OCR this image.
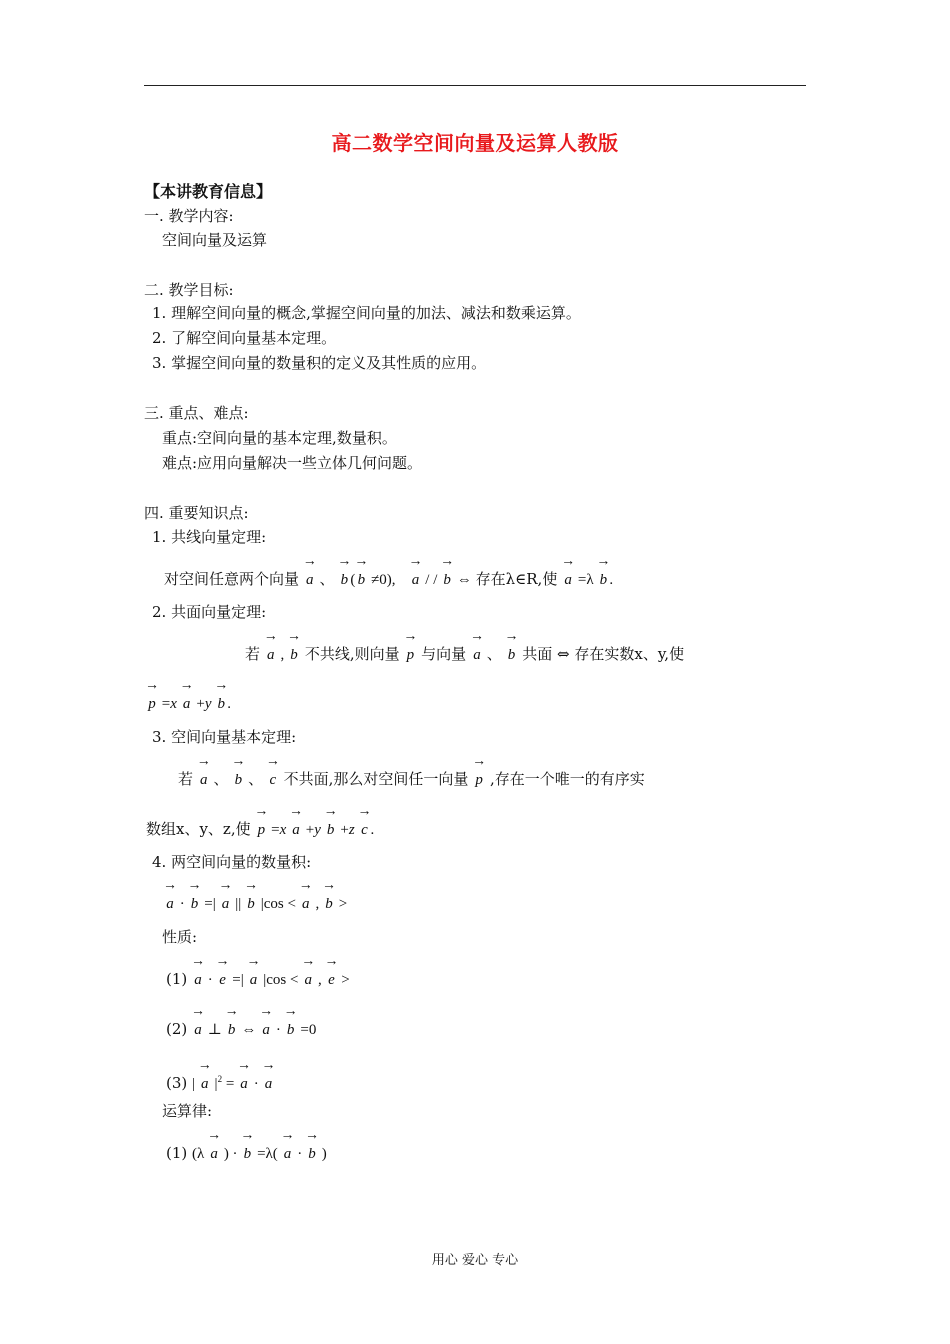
高二数学空间向量及运算人教版
【本讲教育信息】
一. 教学内容:
空间向量及运算
二. 教学目标:
1. 理解空间向量的概念,掌握空间向量的加法、减法和数乘运算。
2. 了解空间向量基本定理。
3. 掌握空间向量的数量积的定义及其性质的应用。
三. 重点、难点:
重点:空间向量的基本定理,数量积。
难点:应用向量解决一些立体几何问题。
四. 重要知识点:
1. 共线向量定理:
对空间任意两个向量 → a 、 → b ( → b ≠0), → a / / → b ⇔ 存在λ∈R,使 → a =λ → b .
2. 共面向量定理:
若 → a , → b 不共线,则向量 → p 与向量 → a 、 → b 共面 ⇔ 存在实数x、y,使
→ p =x → a +y → b .
3. 空间向量基本定理:
若 → a 、 → b 、 → c 不共面,那么对空间任一向量 → p ,存在一个唯一的有序实
数组x、y、z,使 → p =x → a +y → b +z → c .
4. 两空间向量的数量积:
→ a · → b =| → a || → b |cos < → a , → b >
性质:
(1) → a · → e =| → a |cos < → a , → e >
(2) → a ⊥ → b ⇔ → a · → b =0
(3) | → a $|^2$ = → a · → a
运算律:
(1) (λ → a ) · → b =λ( → a · → b )
用心 爱心 专心
